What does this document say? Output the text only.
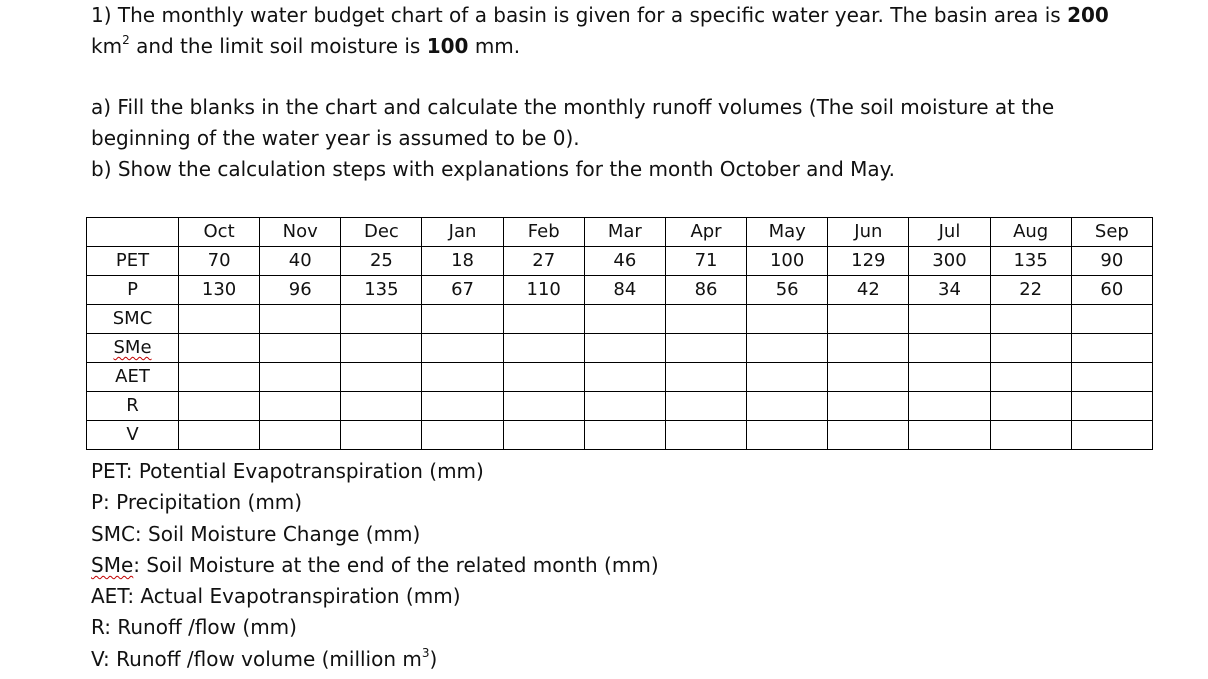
1) The monthly water budget chart of a basin is given for a specific water year. The basin area is 200
$km^2$ and the limit soil moisture is 100 mm.

a) Fill the blanks in the chart and calculate the monthly runoff volumes (The soil moisture at the
beginning of the water year is assumed to be 0).
b) Show the calculation steps with explanations for the month October and May.

	Oct	Nov	Dec	Jan	Feb	Mar	Apr	May	Jun	Jul	Aug	Sep
PET	70	40	25	18	27	46	71	100	129	300	135	90
P	130	96	135	67	110	84	86	56	42	34	22	60
SMC												
SMe												
AET												
R												
V												
PET: Potential Evapotranspiration (mm)
P: Precipitation (mm)
SMC: Soil Moisture Change (mm)
SMe: Soil Moisture at the end of the related month (mm)
AET: Actual Evapotranspiration (mm)
R: Runoff /flow (mm)
V: Runoff /flow volume (million $m^3$)
